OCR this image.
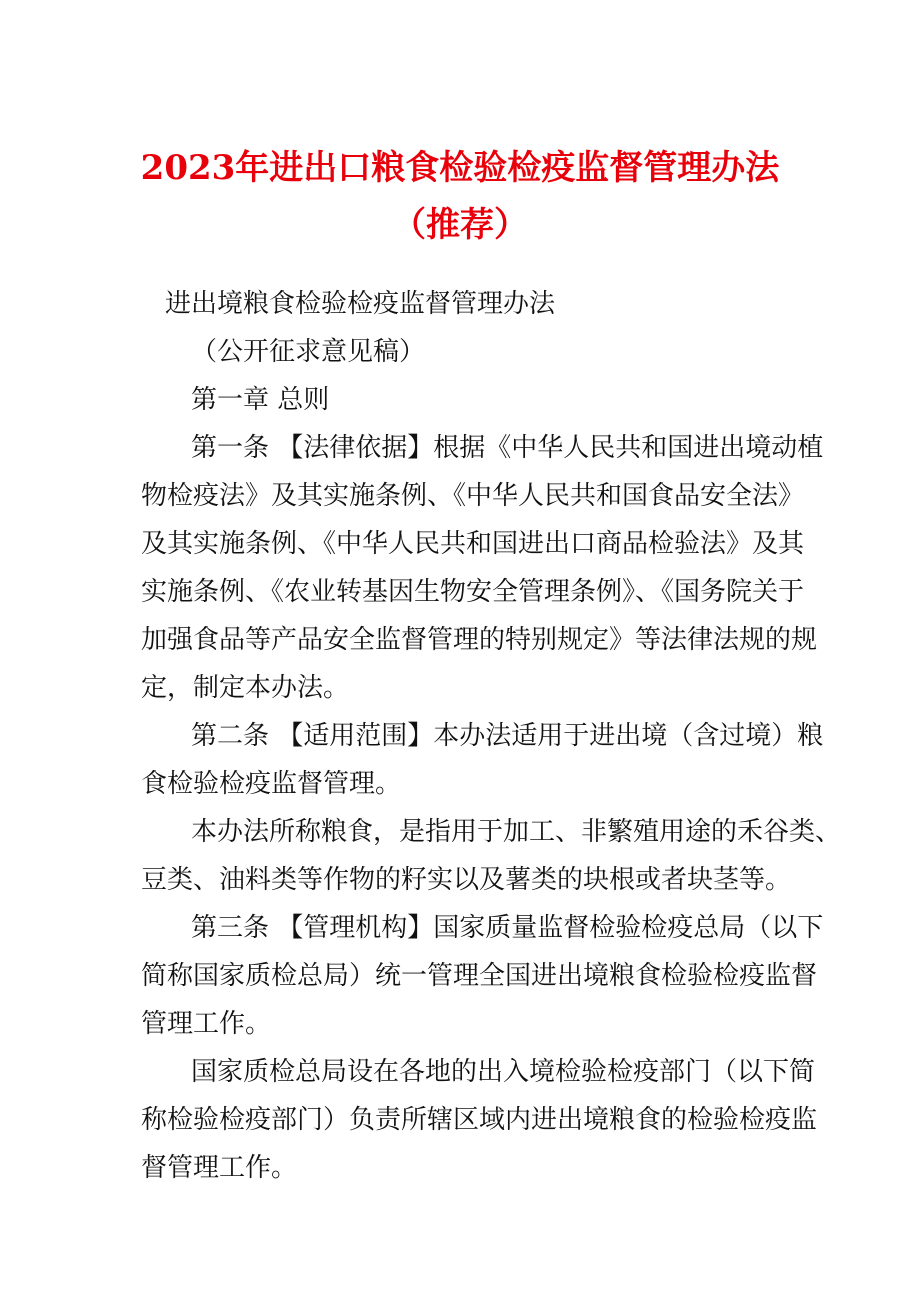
2023年进出口粮食检验检疫监督管理办法
（推荐）
进出境粮食检验检疫监督管理办法
（公开征求意见稿）
第一章 总则
第一条 【法律依据】根据《中华人民共和国进出境动植
物检疫法》及其实施条例、《中华人民共和国食品安全法》
及其实施条例、《中华人民共和国进出口商品检验法》及其
实施条例、《农业转基因生物安全管理条例》、《国务院关于
加强食品等产品安全监督管理的特别规定》等法律法规的规
定，制定本办法。
第二条 【适用范围】本办法适用于进出境（含过境）粮
食检验检疫监督管理。
本办法所称粮食，是指用于加工、非繁殖用途的禾谷类、
豆类、油料类等作物的籽实以及薯类的块根或者块茎等。
第三条 【管理机构】国家质量监督检验检疫总局（以下
简称国家质检总局）统一管理全国进出境粮食检验检疫监督
管理工作。
国家质检总局设在各地的出入境检验检疫部门（以下简
称检验检疫部门）负责所辖区域内进出境粮食的检验检疫监
督管理工作。
